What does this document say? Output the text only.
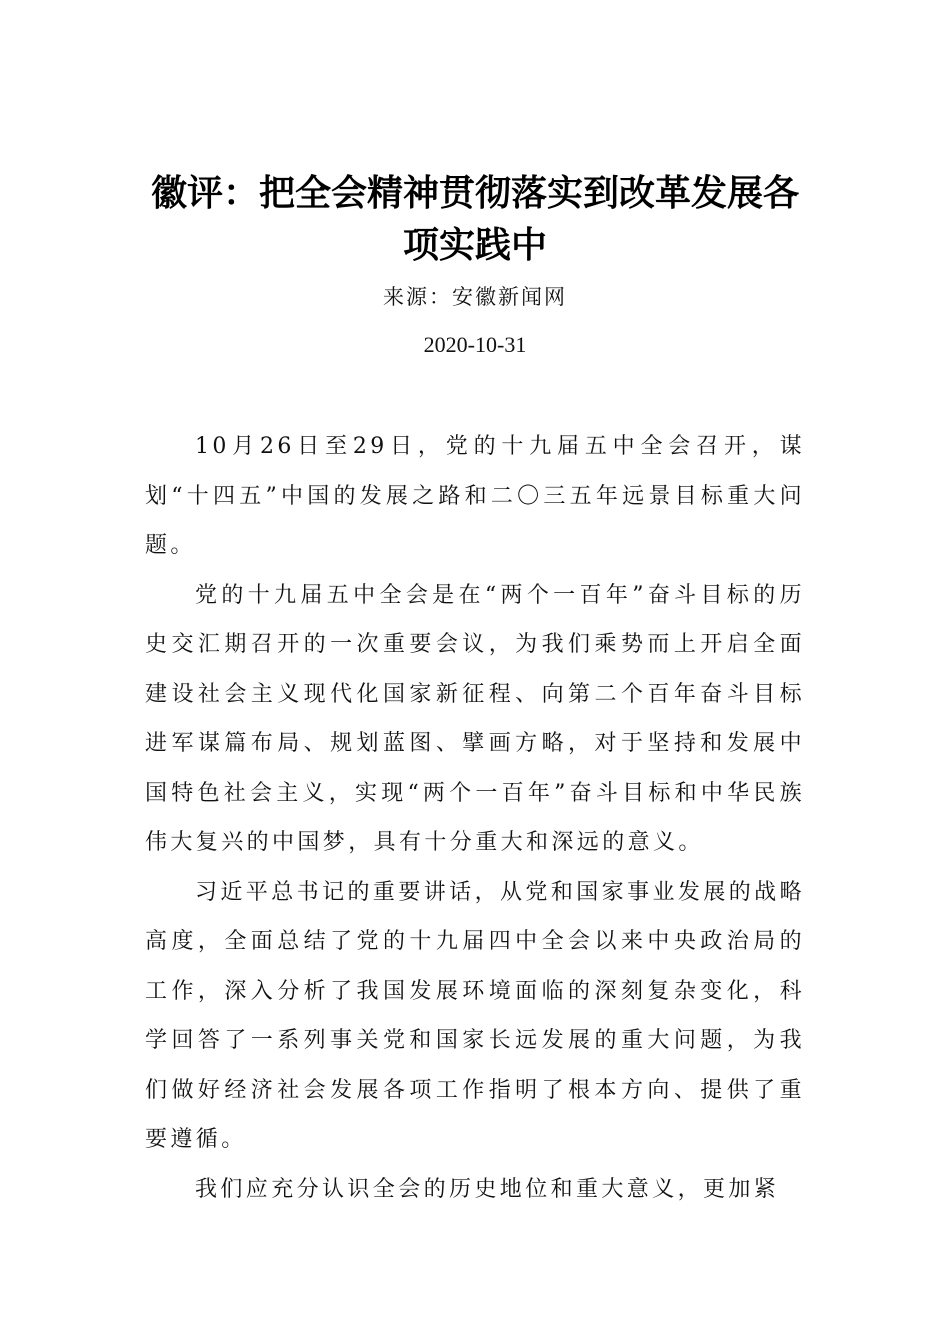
徽评：把全会精神贯彻落实到改革发展各项实践中
来源：安徽新闻网
2020-10-31

10月26日至29日，党的十九届五中全会召开，谋划“十四五”中国的发展之路和二〇三五年远景目标重大问题。

党的十九届五中全会是在“两个一百年”奋斗目标的历史交汇期召开的一次重要会议，为我们乘势而上开启全面建设社会主义现代化国家新征程、向第二个百年奋斗目标进军谋篇布局、规划蓝图、擘画方略，对于坚持和发展中国特色社会主义，实现“两个一百年”奋斗目标和中华民族伟大复兴的中国梦，具有十分重大和深远的意义。

习近平总书记的重要讲话，从党和国家事业发展的战略高度，全面总结了党的十九届四中全会以来中央政治局的工作，深入分析了我国发展环境面临的深刻复杂变化，科学回答了一系列事关党和国家长远发展的重大问题，为我们做好经济社会发展各项工作指明了根本方向、提供了重要遵循。

我们应充分认识全会的历史地位和重大意义，更加紧
